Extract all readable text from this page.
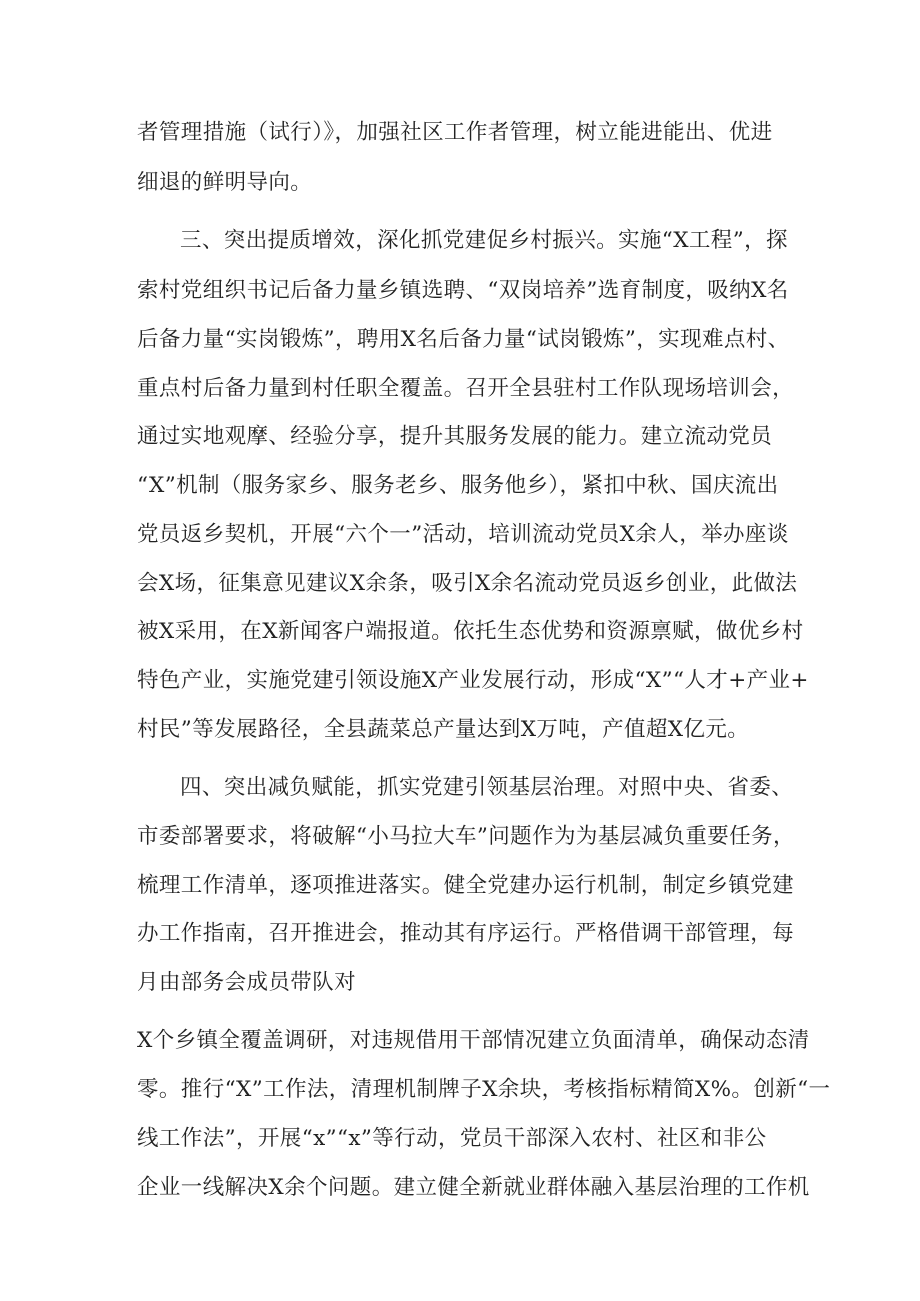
者管理措施（试行）》，加强社区工作者管理，树立能进能出、优进
细退的鲜明导向。
三、突出提质增效，深化抓党建促乡村振兴。实施“X工程”，探
索村党组织书记后备力量乡镇选聘、“双岗培养”选育制度，吸纳X名
后备力量“实岗锻炼”，聘用X名后备力量“试岗锻炼”，实现难点村、
重点村后备力量到村任职全覆盖。召开全县驻村工作队现场培训会，
通过实地观摩、经验分享，提升其服务发展的能力。建立流动党员
“X”机制（服务家乡、服务老乡、服务他乡），紧扣中秋、国庆流出
党员返乡契机，开展“六个一”活动，培训流动党员X余人，举办座谈
会X场，征集意见建议X余条，吸引X余名流动党员返乡创业，此做法
被X采用，在X新闻客户端报道。依托生态优势和资源禀赋，做优乡村
特色产业，实施党建引领设施X产业发展行动，形成“X”“人才+产业+
村民”等发展路径，全县蔬菜总产量达到X万吨，产值超X亿元。
四、突出减负赋能，抓实党建引领基层治理。对照中央、省委、
市委部署要求，将破解“小马拉大车”问题作为为基层减负重要任务，
梳理工作清单，逐项推进落实。健全党建办运行机制，制定乡镇党建
办工作指南，召开推进会，推动其有序运行。严格借调干部管理，每
月由部务会成员带队对
X个乡镇全覆盖调研，对违规借用干部情况建立负面清单，确保动态清
零。推行“X”工作法，清理机制牌子X余块，考核指标精简X%。创新“一
线工作法”，开展“x”“x”等行动，党员干部深入农村、社区和非公
企业一线解决X余个问题。建立健全新就业群体融入基层治理的工作机
